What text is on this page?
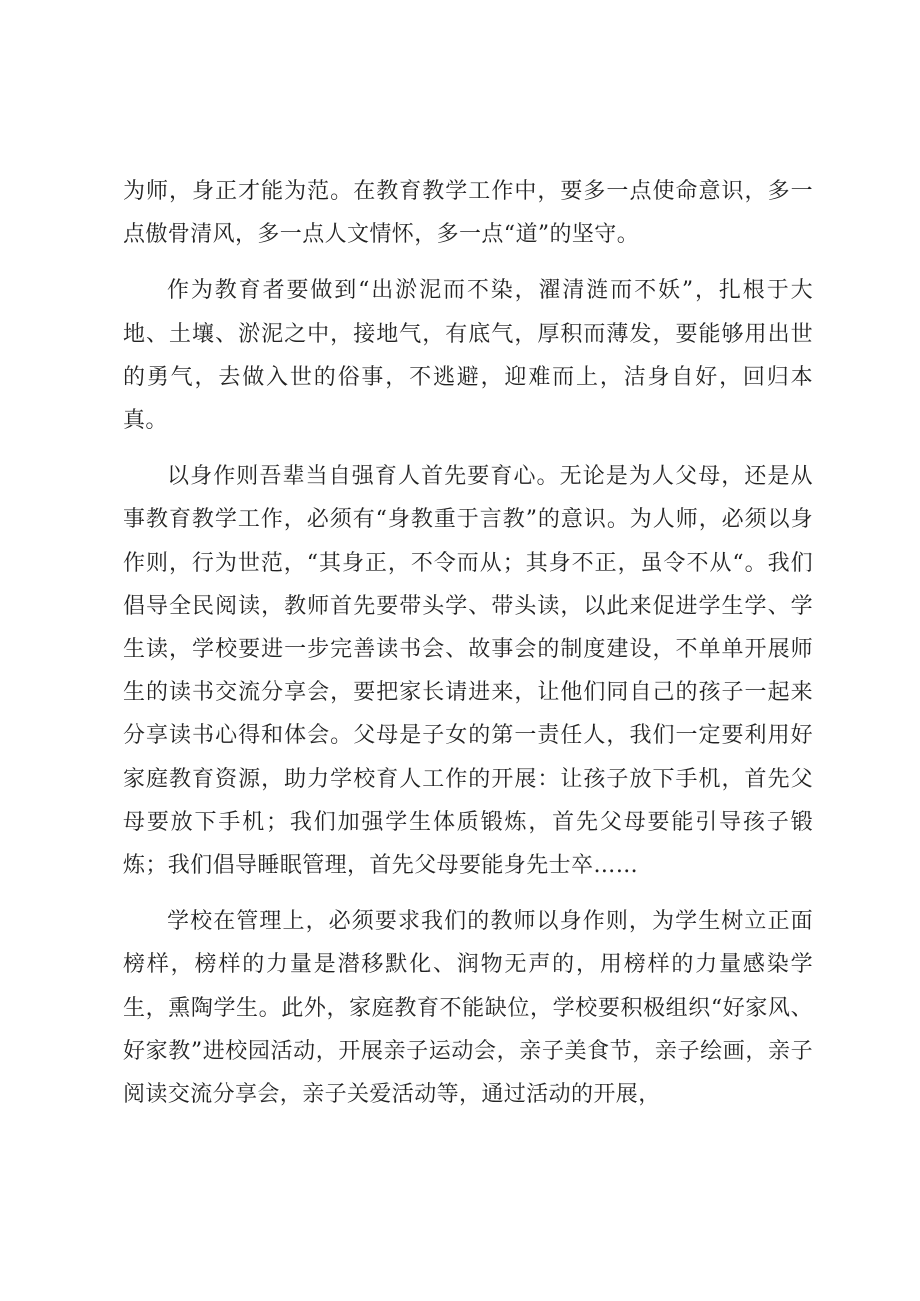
为师，身正才能为范。在教育教学工作中，要多一点使命意识，多一点傲骨清风，多一点人文情怀，多一点“道”的坚守。

作为教育者要做到“出淤泥而不染，濯清涟而不妖”，扎根于大地、土壤、淤泥之中，接地气，有底气，厚积而薄发，要能够用出世的勇气，去做入世的俗事，不逃避，迎难而上，洁身自好，回归本真。

以身作则吾辈当自强育人首先要育心。无论是为人父母，还是从事教育教学工作，必须有“身教重于言教”的意识。为人师，必须以身作则，行为世范，“其身正，不令而从；其身不正，虽令不从“。我们倡导全民阅读，教师首先要带头学、带头读，以此来促进学生学、学生读，学校要进一步完善读书会、故事会的制度建设，不单单开展师生的读书交流分享会，要把家长请进来，让他们同自己的孩子一起来分享读书心得和体会。父母是子女的第一责任人，我们一定要利用好家庭教育资源，助力学校育人工作的开展：让孩子放下手机，首先父母要放下手机；我们加强学生体质锻炼，首先父母要能引导孩子锻炼；我们倡导睡眠管理，首先父母要能身先士卒……

学校在管理上，必须要求我们的教师以身作则，为学生树立正面榜样，榜样的力量是潜移默化、润物无声的，用榜样的力量感染学生，熏陶学生。此外，家庭教育不能缺位，学校要积极组织“好家风、好家教”进校园活动，开展亲子运动会，亲子美食节，亲子绘画，亲子阅读交流分享会，亲子关爱活动等，通过活动的开展，
